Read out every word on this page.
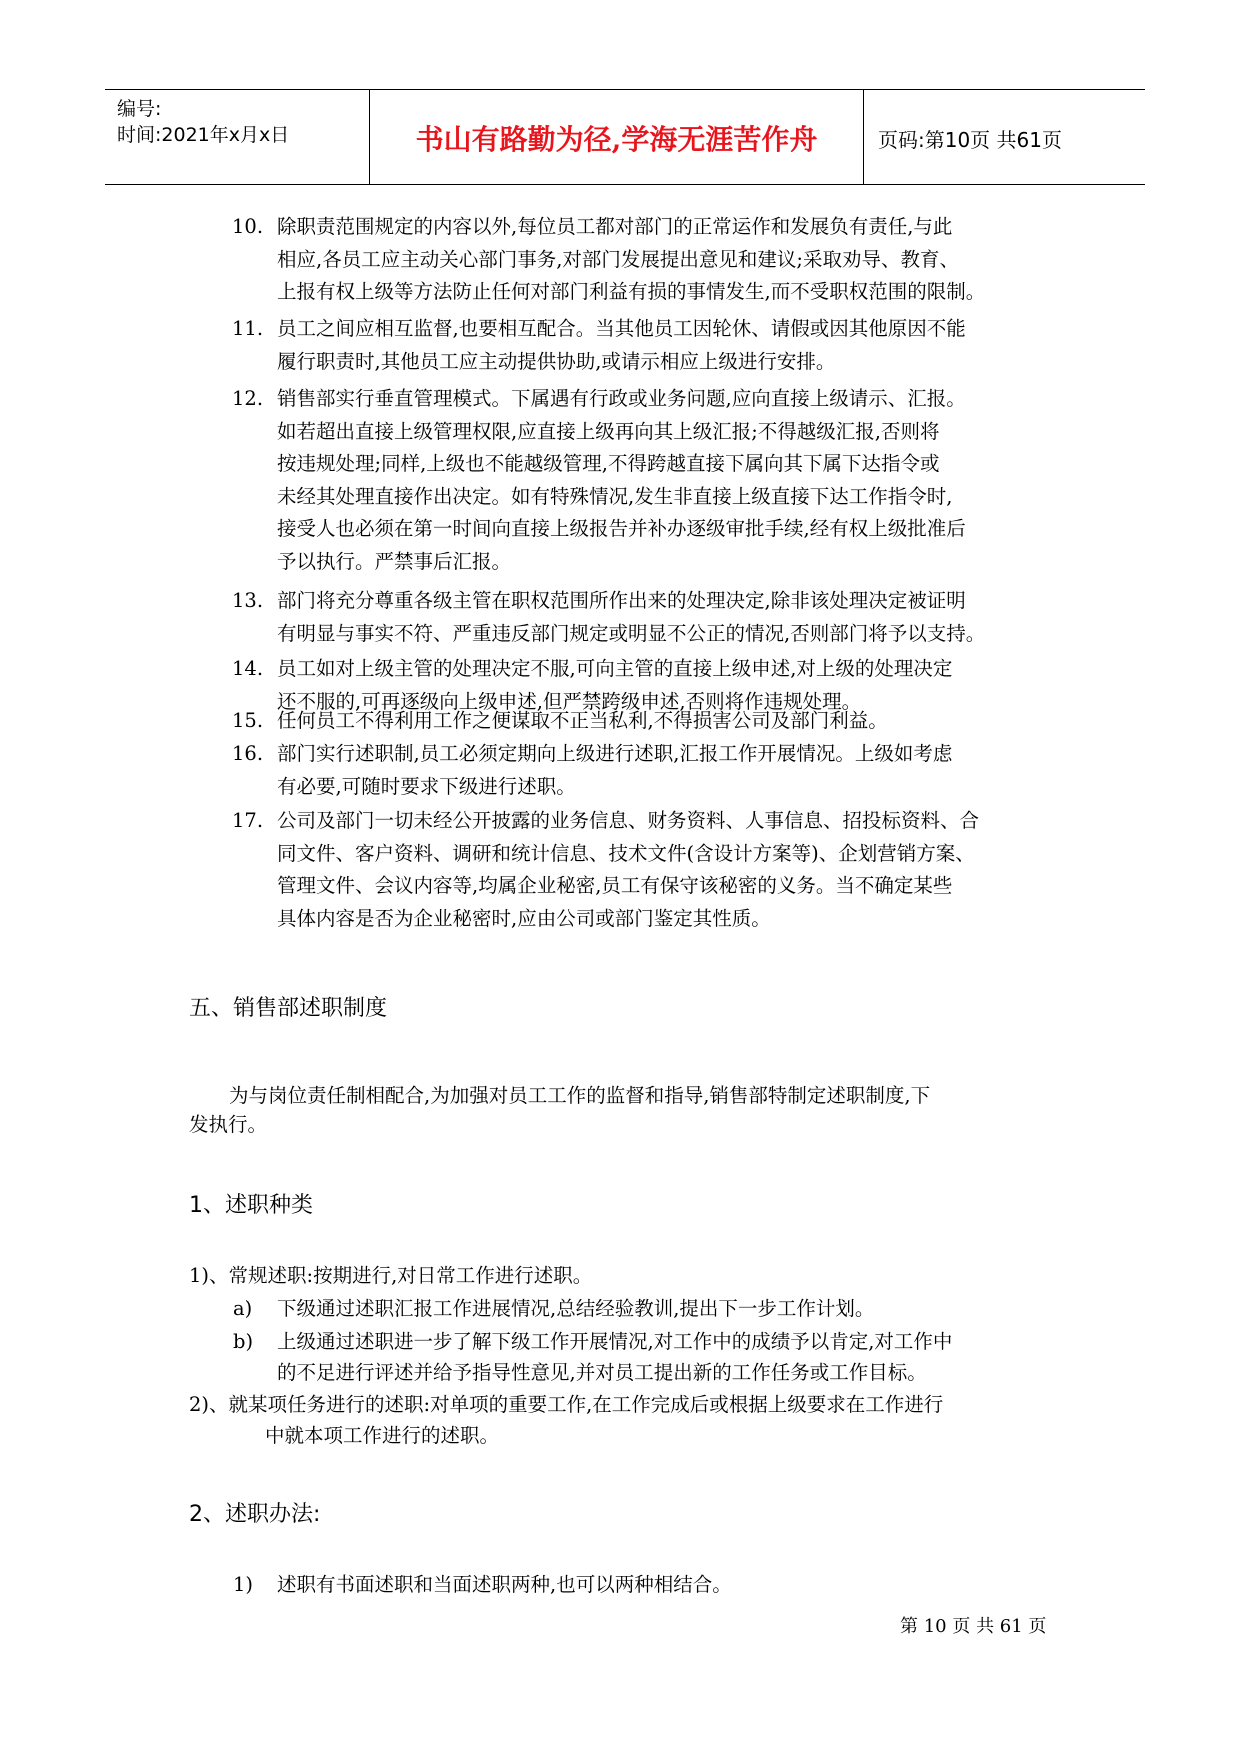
编号:
时间:2021年x月x日	书山有路勤为径,学海无涯苦作舟	页码:第10页 共61页
10. 除职责范围规定的内容以外,每位员工都对部门的正常运作和发展负有责任,与此
相应,各员工应主动关心部门事务,对部门发展提出意见和建议;采取劝导、教育、
上报有权上级等方法防止任何对部门利益有损的事情发生,而不受职权范围的限制。
11. 员工之间应相互监督,也要相互配合。当其他员工因轮休、请假或因其他原因不能
履行职责时,其他员工应主动提供协助,或请示相应上级进行安排。
12. 销售部实行垂直管理模式。下属遇有行政或业务问题,应向直接上级请示、汇报。
如若超出直接上级管理权限,应直接上级再向其上级汇报;不得越级汇报,否则将
按违规处理;同样,上级也不能越级管理,不得跨越直接下属向其下属下达指令或
未经其处理直接作出决定。如有特殊情况,发生非直接上级直接下达工作指令时,
接受人也必须在第一时间向直接上级报告并补办逐级审批手续,经有权上级批准后
予以执行。严禁事后汇报。
13. 部门将充分尊重各级主管在职权范围所作出来的处理决定,除非该处理决定被证明
有明显与事实不符、严重违反部门规定或明显不公正的情况,否则部门将予以支持。
14. 员工如对上级主管的处理决定不服,可向主管的直接上级申述,对上级的处理决定
还不服的,可再逐级向上级申述,但严禁跨级申述,否则将作违规处理。
15. 任何员工不得利用工作之便谋取不正当私利,不得损害公司及部门利益。
16. 部门实行述职制,员工必须定期向上级进行述职,汇报工作开展情况。上级如考虑
有必要,可随时要求下级进行述职。
17. 公司及部门一切未经公开披露的业务信息、财务资料、人事信息、招投标资料、合
同文件、客户资料、调研和统计信息、技术文件(含设计方案等)、企划营销方案、
管理文件、会议内容等,均属企业秘密,员工有保守该秘密的义务。当不确定某些
具体内容是否为企业秘密时,应由公司或部门鉴定其性质。
五、销售部述职制度
为与岗位责任制相配合,为加强对员工工作的监督和指导,销售部特制定述职制度,下
发执行。
1、述职种类
1)、常规述职:按期进行,对日常工作进行述职。
a) 下级通过述职汇报工作进展情况,总结经验教训,提出下一步工作计划。
b) 上级通过述职进一步了解下级工作开展情况,对工作中的成绩予以肯定,对工作中
的不足进行评述并给予指导性意见,并对员工提出新的工作任务或工作目标。
2)、就某项任务进行的述职:对单项的重要工作,在工作完成后或根据上级要求在工作进行
中就本项工作进行的述职。
2、述职办法:
1) 述职有书面述职和当面述职两种,也可以两种相结合。
第 10 页 共 61 页
